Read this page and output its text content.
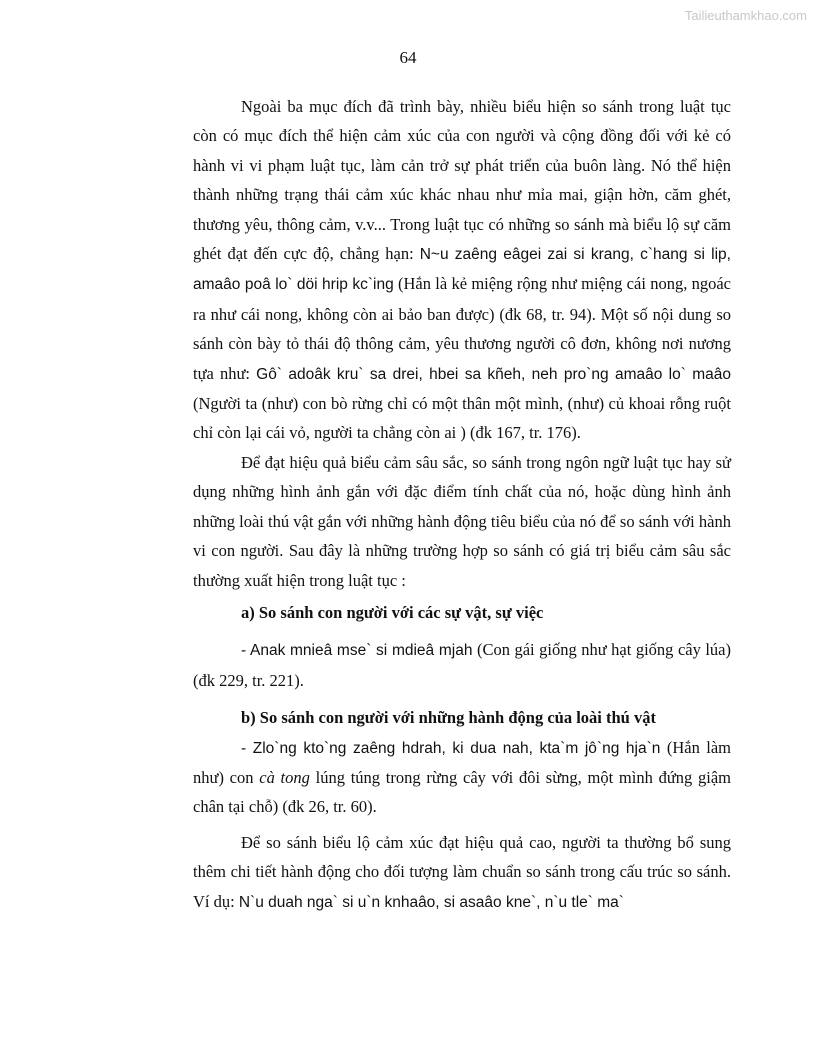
Tailieuthamkhao.com
64

Ngoài ba mục đích đã trình bày, nhiều biểu hiện so sánh trong luật tục còn có mục đích thể hiện cảm xúc của con người và cộng đồng đối với kẻ có hành vi vi phạm luật tục, làm cản trở sự phát triển của buôn làng. Nó thể hiện thành những trạng thái cảm xúc khác nhau như mỉa mai, giận hờn, căm ghét, thương yêu, thông cảm, v.v... Trong luật tục có những so sánh mà biểu lộ sự căm ghét đạt đến cực độ, chẳng hạn: N~u zaêng eâgei zai si krang, c`hang si lip, amaâo poâ lo` döi hrip kc`ing (Hắn là kẻ miệng rộng như miệng cái nong, ngoác ra như cái nong, không còn ai bảo ban được) (đk 68, tr. 94). Một số nội dung so sánh còn bày tỏ thái độ thông cảm, yêu thương người cô đơn, không nơi nương tựa như: Gô` adoâk kru` sa drei, hbei sa kñeh, neh pro`ng amaâo lo` maâo (Người ta (như) con bò rừng chỉ có một thân một mình, (như) củ khoai rỗng ruột chỉ còn lại cái vỏ, người ta chẳng còn ai ) (đk 167, tr. 176).

Để đạt hiệu quả biểu cảm sâu sắc, so sánh trong ngôn ngữ luật tục hay sử dụng những hình ảnh gắn với đặc điểm tính chất của nó, hoặc dùng hình ảnh những loài thú vật gắn với những hành động tiêu biểu của nó để so sánh với hành vi con người. Sau đây là những trường hợp so sánh có giá trị biểu cảm sâu sắc thường xuất hiện trong luật tục :

a) So sánh con người với các sự vật, sự việc

- Anak mnieâ mse` si mdieâ mjah (Con gái giống như hạt giống cây lúa) (đk 229, tr. 221).

b) So sánh con người với những hành động của loài thú vật

- Zlo`ng kto`ng zaêng hdrah, ki dua nah, kta`m jô`ng hja`n (Hắn làm như) con cà tong lúng túng trong rừng cây với đôi sừng, một mình đứng giậm chân tại chỗ) (đk 26, tr. 60).

Để so sánh biểu lộ cảm xúc đạt hiệu quả cao, người ta thường bổ sung thêm chi tiết hành động cho đối tượng làm chuẩn so sánh trong cấu trúc so sánh. Ví dụ: N`u duah nga` si u`n knhaâo, si asaâo kne`, n`u tle` ma`
